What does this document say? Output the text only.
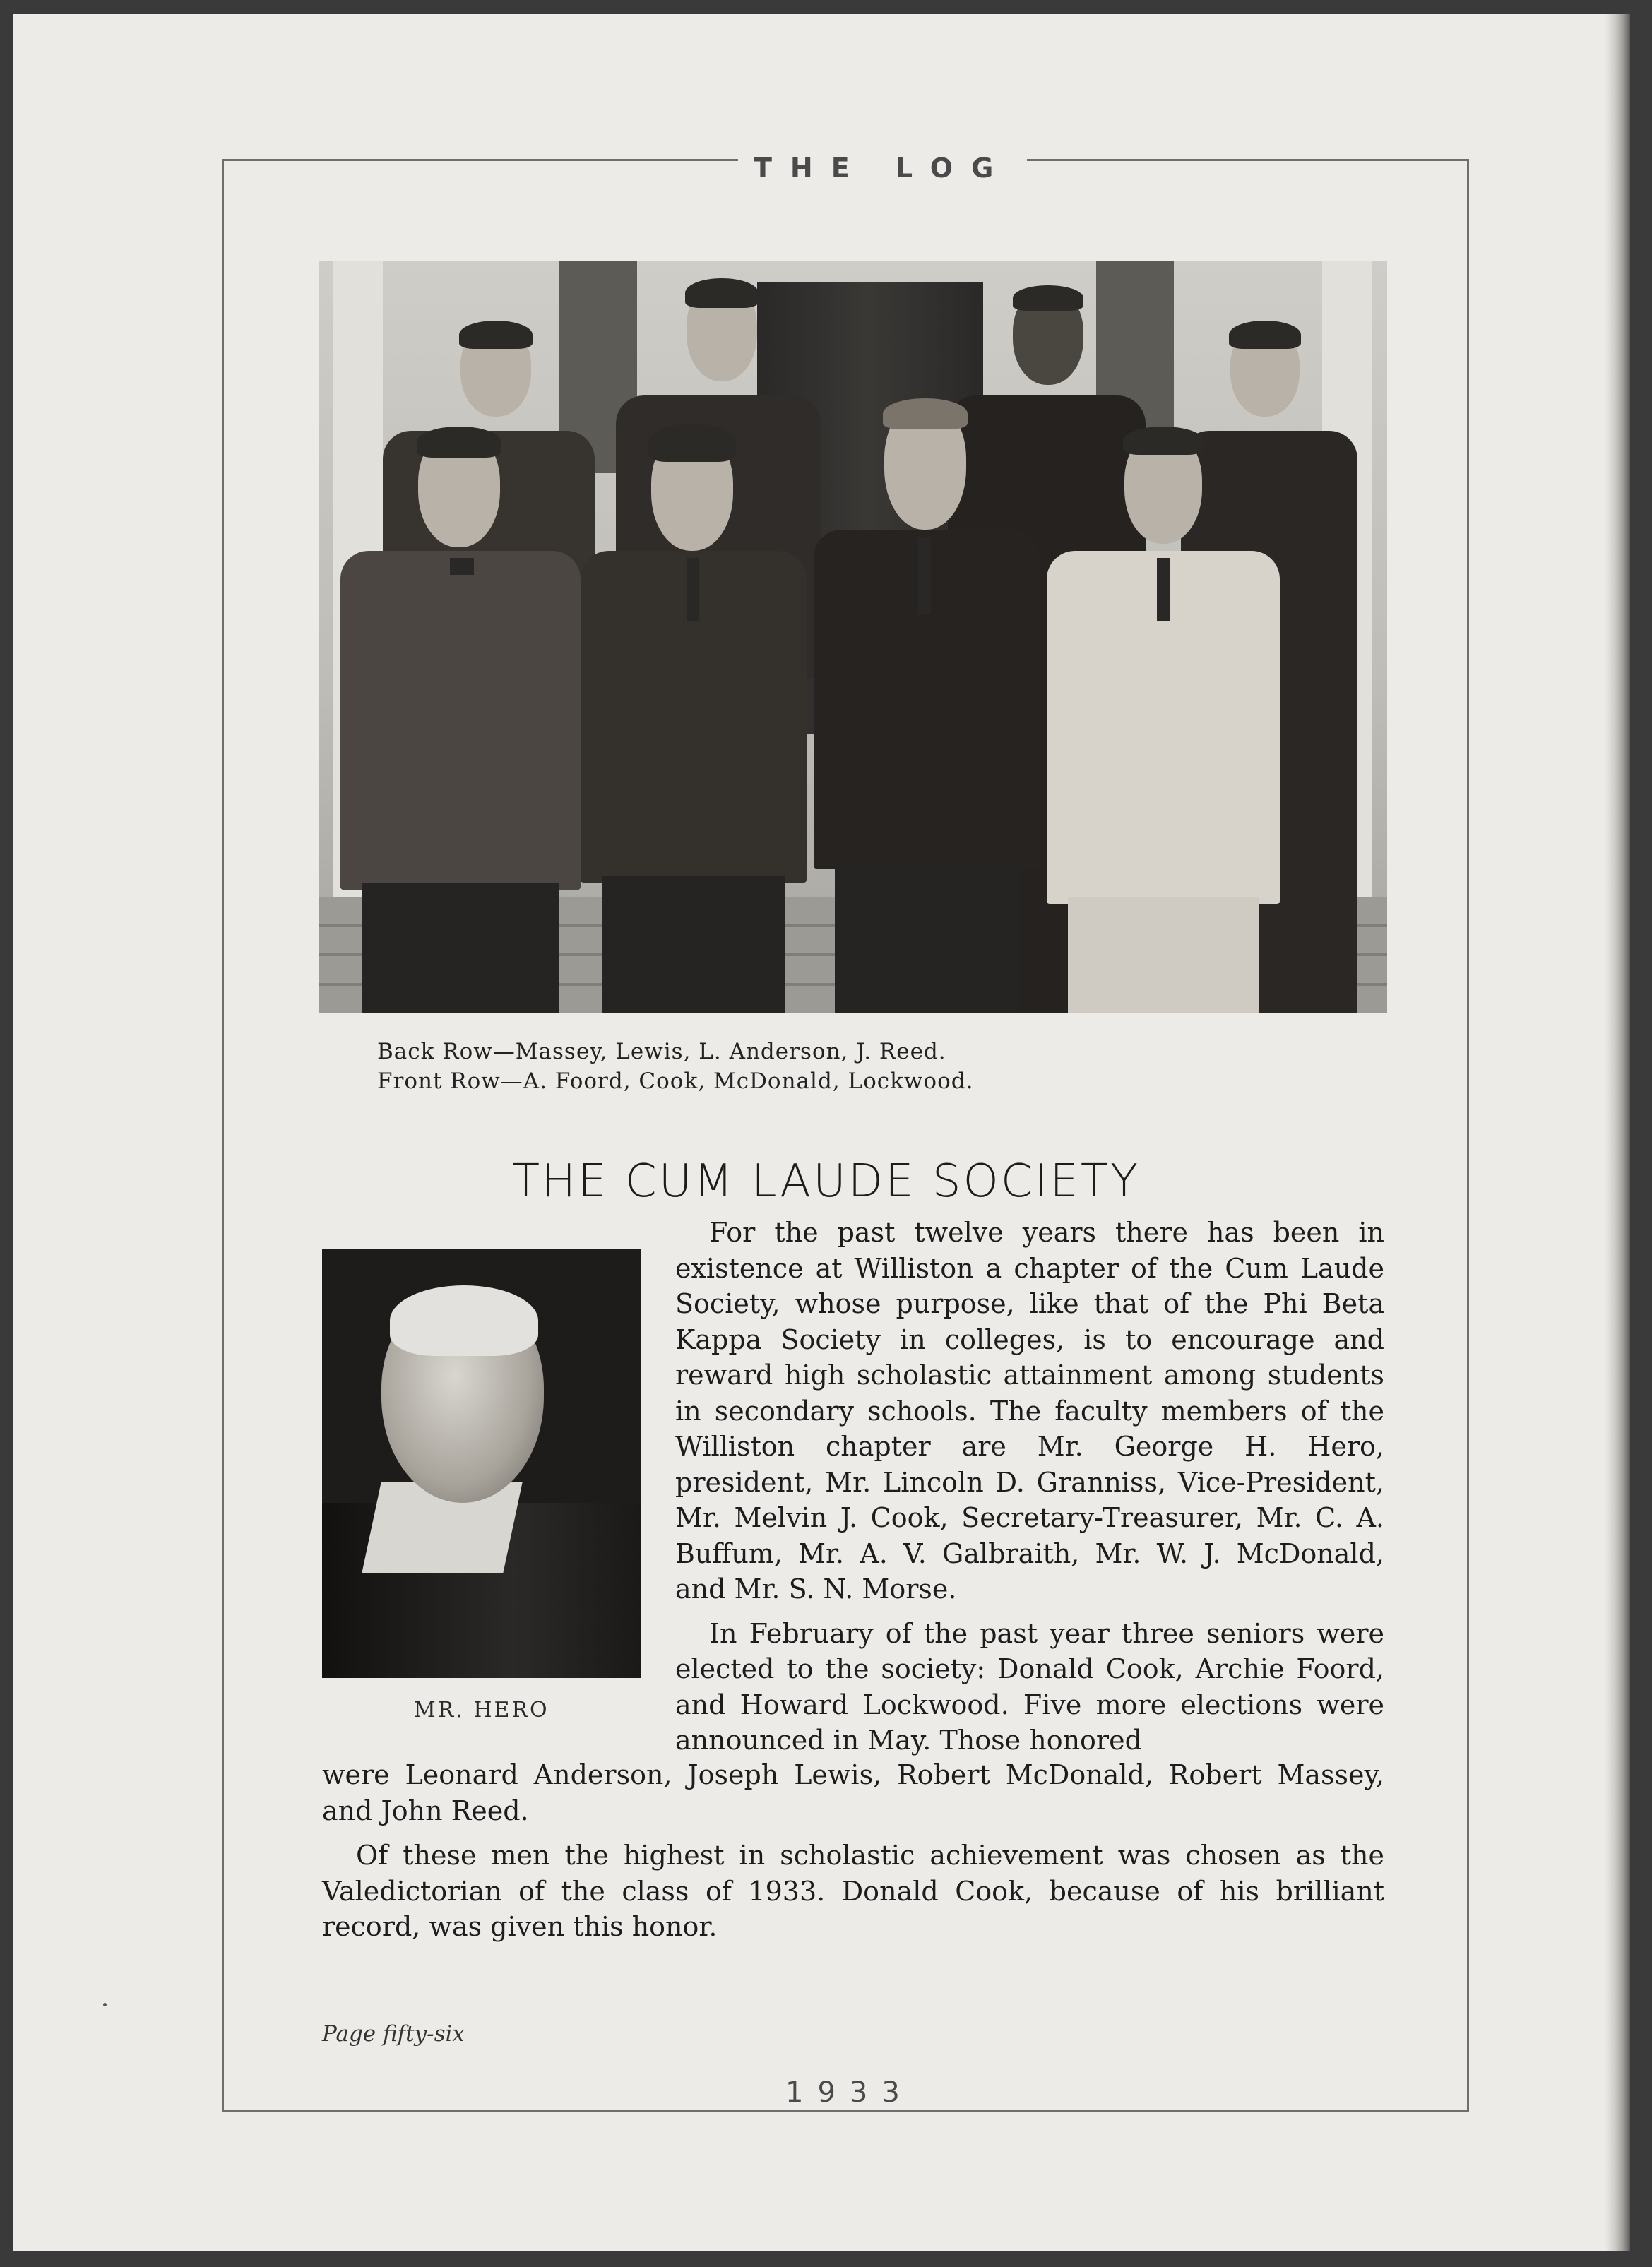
THE LOG
Back Row—Massey, Lewis, L. Anderson, J. Reed.
Front Row—A. Foord, Cook, McDonald, Lockwood.
THE CUM LAUDE SOCIETY
MR. HERO

For the past twelve years there has been in existence at Williston a chapter of the Cum Laude Society, whose purpose, like that of the Phi Beta Kappa Society in colleges, is to encourage and reward high scholastic attainment among students in secondary schools. The faculty members of the Williston chapter are Mr. George H. Hero, president, Mr. Lincoln D. Granniss, Vice-President, Mr. Melvin J. Cook, Secretary-Treasurer, Mr. C. A. Buffum, Mr. A. V. Galbraith, Mr. W. J. McDonald, and Mr. S. N. Morse.

In February of the past year three seniors were elected to the society: Donald Cook, Archie Foord, and Howard Lockwood. Five more elections were announced in May. Those honored

were Leonard Anderson, Joseph Lewis, Robert McDonald, Robert Massey, and John Reed.

Of these men the highest in scholastic achievement was chosen as the Valedictorian of the class of 1933. Donald Cook, because of his brilliant record, was given this honor.

Page fifty-six
1933
